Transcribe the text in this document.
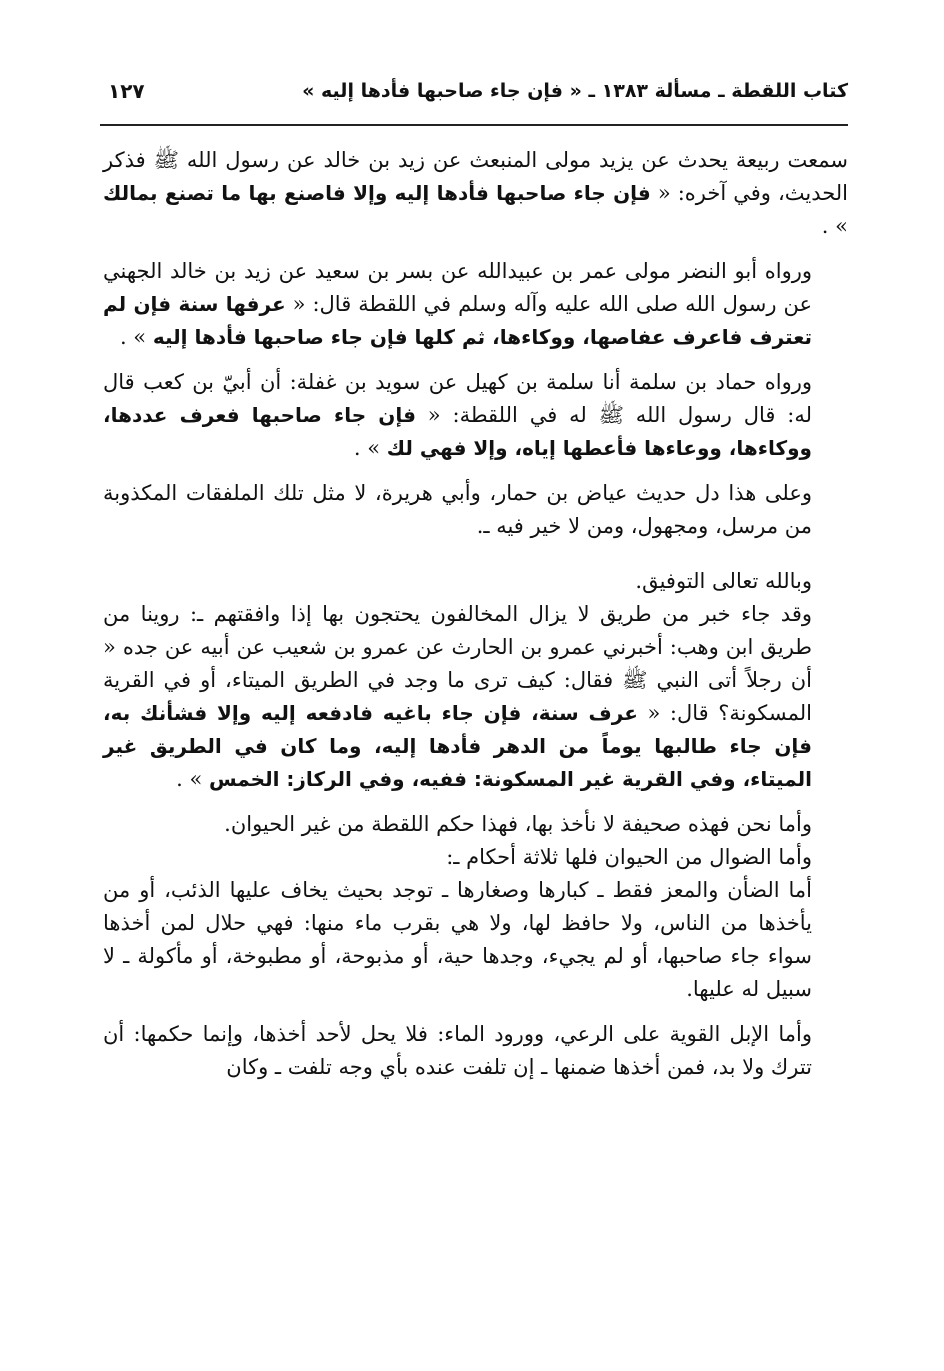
كتاب اللقطة ـ مسألة ١٣٨٣ ـ « فإن جاء صاحبها فأدها إليه »
١٢٧

سمعت ربيعة يحدث عن يزيد مولى المنبعث عن زيد بن خالد عن رسول الله ﷺ فذكر الحديث، وفي آخره: « فإن جاء صاحبها فأدها إليه وإلا فاصنع بها ما تصنع بمالك » .

ورواه أبو النضر مولى عمر بن عبيدالله عن بسر بن سعيد عن زيد بن خالد الجهني عن رسول الله صلى الله عليه وآله وسلم في اللقطة قال: « عرفها سنة فإن لم تعترف فاعرف عفاصها، ووكاءها، ثم كلها فإن جاء صاحبها فأدها إليه » .

ورواه حماد بن سلمة أنا سلمة بن كهيل عن سويد بن غفلة: أن أبيّ بن كعب قال له: قال رسول الله ﷺ له في اللقطة: « فإن جاء صاحبها فعرف عددها، ووكاءها، ووعاءها فأعطها إياه، وإلا فهي لك » .

وعلى هذا دل حديث عياض بن حمار، وأبي هريرة، لا مثل تلك الملفقات المكذوبة من مرسل، ومجهول، ومن لا خير فيه ـ.

وبالله تعالى التوفيق.

وقد جاء خبر من طريق لا يزال المخالفون يحتجون بها إذا وافقتهم ـ: روينا من طريق ابن وهب: أخبرني عمرو بن الحارث عن عمرو بن شعيب عن أبيه عن جده « أن رجلاً أتى النبي ﷺ فقال: كيف ترى ما وجد في الطريق الميتاء، أو في القرية المسكونة؟ قال: « عرف سنة، فإن جاء باغيه فادفعه إليه وإلا فشأنك به، فإن جاء طالبها يوماً من الدهر فأدها إليه، وما كان في الطريق غير الميتاء، وفي القرية غير المسكونة: ففيه، وفي الركاز: الخمس » .

وأما نحن فهذه صحيفة لا نأخذ بها، فهذا حكم اللقطة من غير الحيوان.

وأما الضوال من الحيوان فلها ثلاثة أحكام ـ:

أما الضأن والمعز فقط ـ كبارها وصغارها ـ توجد بحيث يخاف عليها الذئب، أو من يأخذها من الناس، ولا حافظ لها، ولا هي بقرب ماء منها: فهي حلال لمن أخذها سواء جاء صاحبها، أو لم يجيء، وجدها حية، أو مذبوحة، أو مطبوخة، أو مأكولة ـ لا سبيل له عليها.

وأما الإبل القوية على الرعي، وورود الماء: فلا يحل لأحد أخذها، وإنما حكمها: أن تترك ولا بد، فمن أخذها ضمنها ـ إن تلفت عنده بأي وجه تلفت ـ وكان
